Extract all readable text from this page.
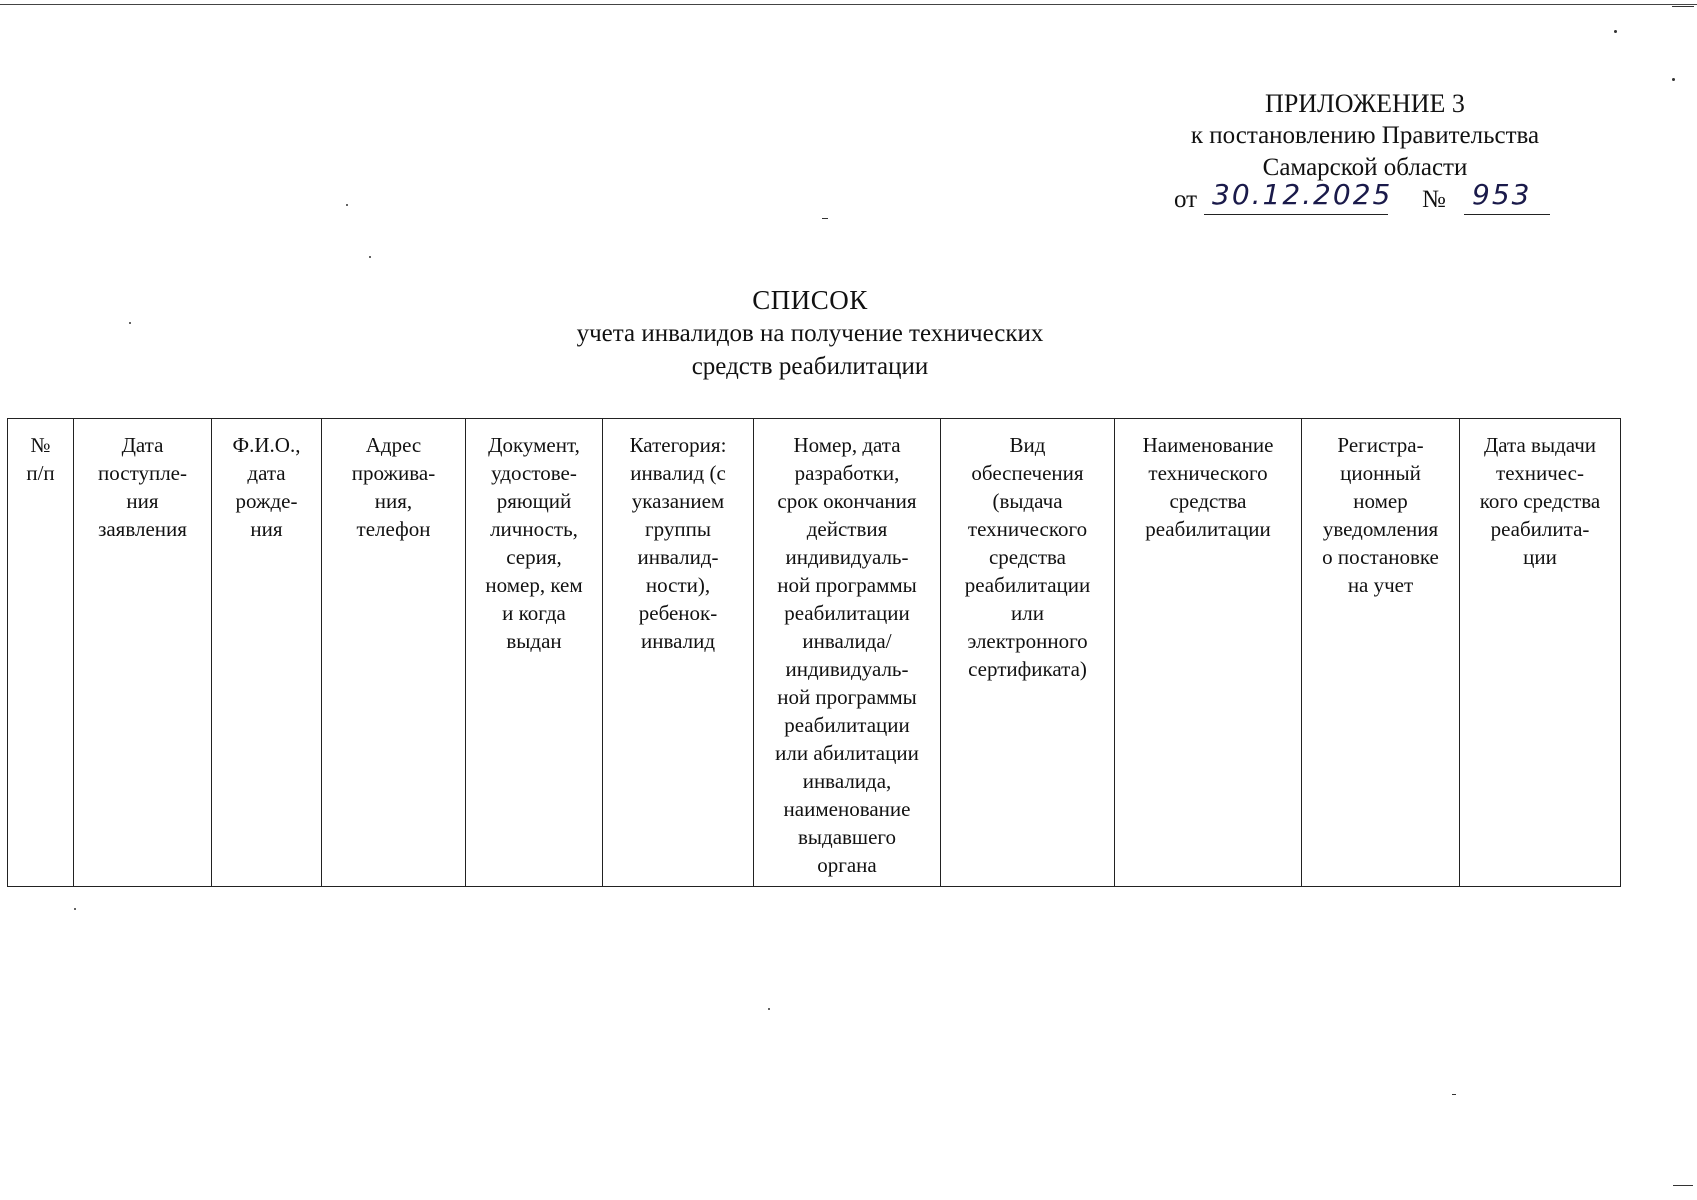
ПРИЛОЖЕНИЕ 3
к постановлению Правительства
Самарской области
от 30.12.2025 № 953
СПИСОК
учета инвалидов на получение технических
средств реабилитации
№
п/п	Дата
поступле-
ния
заявления	Ф.И.О.,
дата
рожде-
ния	Адрес
прожива-
ния,
телефон	Документ,
удостове-
ряющий
личность,
серия,
номер, кем
и когда
выдан	Категория:
инвалид (с
указанием
группы
инвалид-
ности),
ребенок-
инвалид	Номер, дата
разработки,
срок окончания
действия
индивидуаль-
ной программы
реабилитации
инвалида/
индивидуаль-
ной программы
реабилитации
или абилитации
инвалида,
наименование
выдавшего
органа	Вид
обеспечения
(выдача
технического
средства
реабилитации
или
электронного
сертификата)	Наименование
технического
средства
реабилитации	Регистра-
ционный
номер
уведомления
о постановке
на учет	Дата выдачи
техничес-
кого средства
реабилита-
ции
